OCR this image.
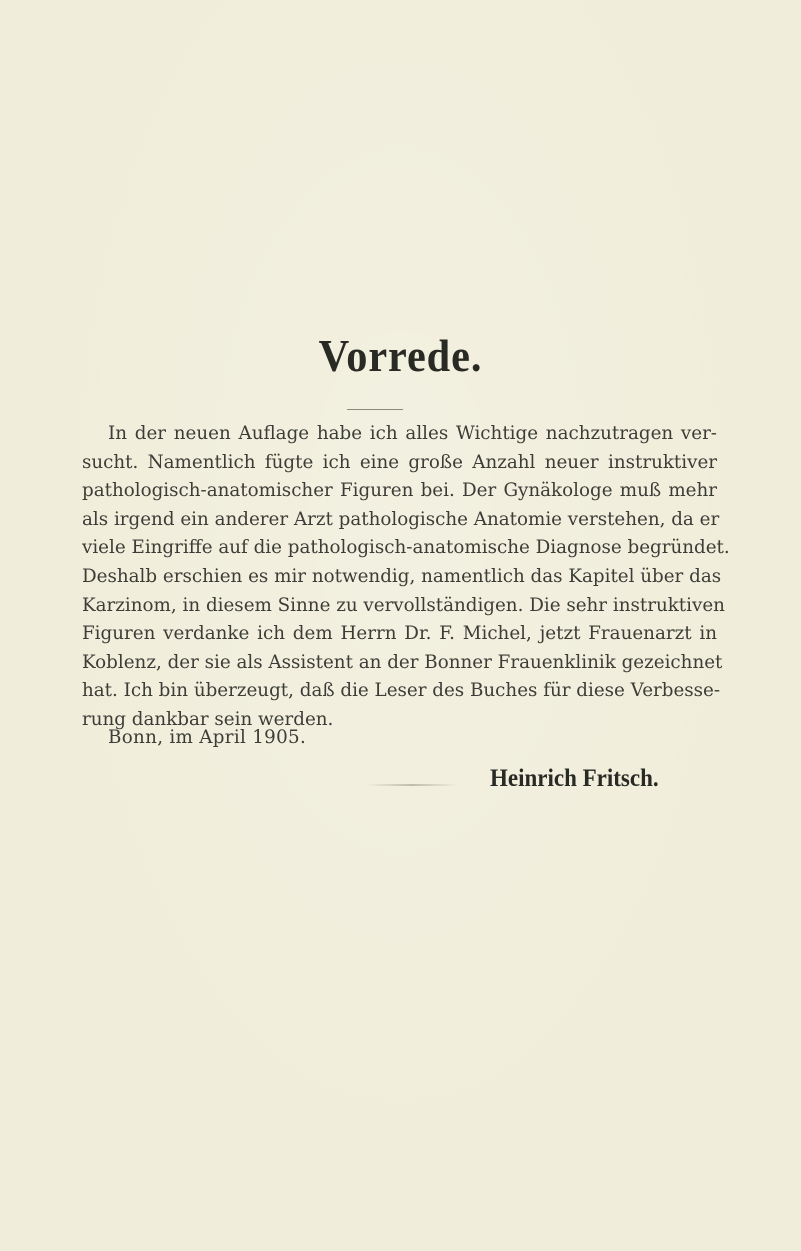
Vorrede.
In der neuen Auflage habe ich alles Wichtige nachzutragen ver-
sucht. Namentlich fügte ich eine große Anzahl neuer instruktiver
pathologisch-anatomischer Figuren bei. Der Gynäkologe muß mehr
als irgend ein anderer Arzt pathologische Anatomie verstehen, da er
viele Eingriffe auf die pathologisch-anatomische Diagnose begründet.
Deshalb erschien es mir notwendig, namentlich das Kapitel über das
Karzinom, in diesem Sinne zu vervollständigen. Die sehr instruktiven
Figuren verdanke ich dem Herrn Dr. F. Michel, jetzt Frauenarzt in
Koblenz, der sie als Assistent an der Bonner Frauenklinik gezeichnet
hat. Ich bin überzeugt, daß die Leser des Buches für diese Verbesse-
rung dankbar sein werden.
Bonn, im April 1905.
Heinrich Fritsch.
